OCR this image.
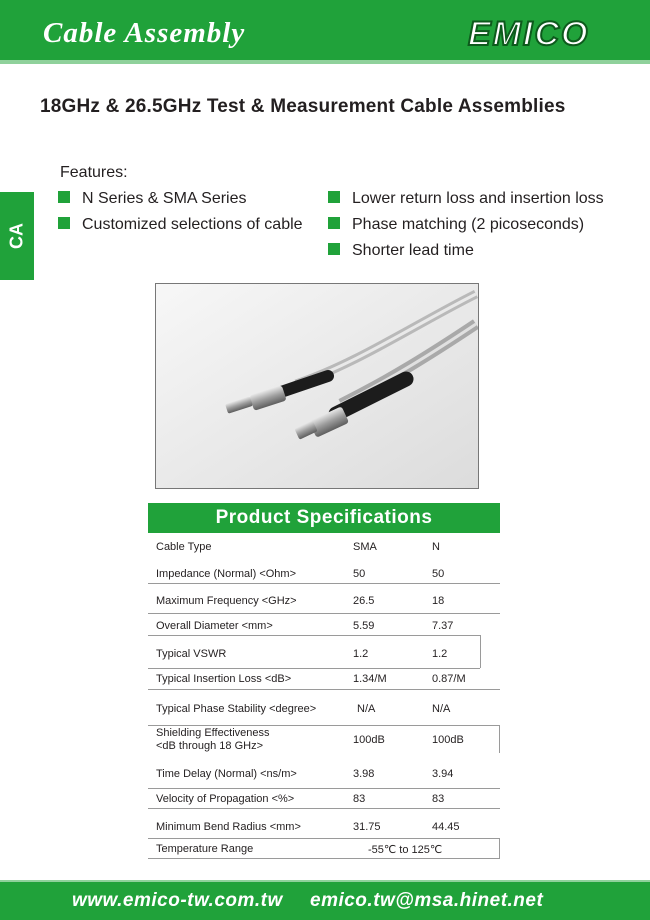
Cable Assembly	EMICO
18GHz & 26.5GHz Test & Measurement Cable Assemblies
CA
Features:
N Series & SMA Series
Customized selections of cable
Lower return loss and insertion loss
Phase matching (2 picoseconds)
Shorter lead time
Product Specifications
Cable Type	SMA	N
Impedance (Normal) <Ohm>	50	50
Maximum Frequency <GHz>	26.5	18
Overall Diameter <mm>	5.59	7.37
Typical VSWR	1.2	1.2
Typical Insertion Loss <dB>	1.34/M	0.87/M
Typical Phase Stability <degree>	N/A	N/A
Shielding Effectiveness
<dB through 18 GHz>	100dB	100dB
Time Delay (Normal) <ns/m>	3.98	3.94
Velocity of Propagation <%>	83	83
Minimum Bend Radius <mm>	31.75	44.45
Temperature Range	-55℃ to 125℃
www.emico-tw.com.tw emico.tw@msa.hinet.net
